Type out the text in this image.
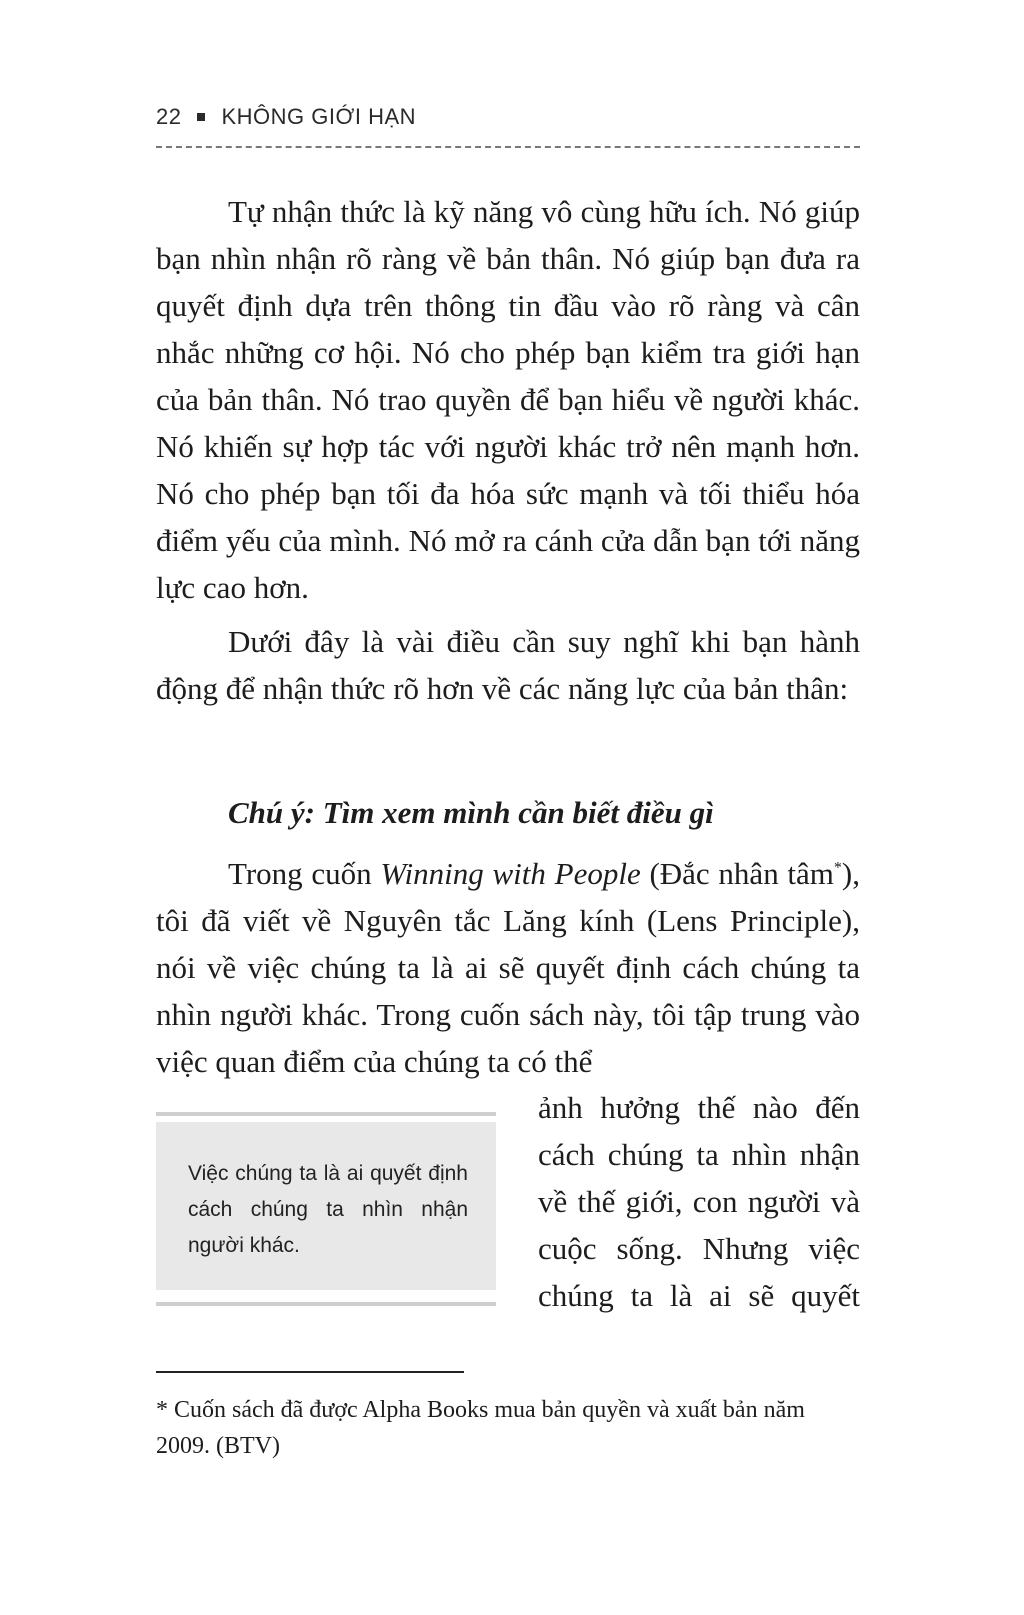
22 KHÔNG GIỚI HẠN

Tự nhận thức là kỹ năng vô cùng hữu ích. Nó giúp bạn nhìn nhận rõ ràng về bản thân. Nó giúp bạn đưa ra quyết định dựa trên thông tin đầu vào rõ ràng và cân nhắc những cơ hội. Nó cho phép bạn kiểm tra giới hạn của bản thân. Nó trao quyền để bạn hiểu về người khác. Nó khiến sự hợp tác với người khác trở nên mạnh hơn. Nó cho phép bạn tối đa hóa sức mạnh và tối thiểu hóa điểm yếu của mình. Nó mở ra cánh cửa dẫn bạn tới năng lực cao hơn.

Dưới đây là vài điều cần suy nghĩ khi bạn hành động để nhận thức rõ hơn về các năng lực của bản thân:

Chú ý: Tìm xem mình cần biết điều gì

Trong cuốn Winning with People (Đắc nhân tâm*), tôi đã viết về Nguyên tắc Lăng kính (Lens Principle), nói về việc chúng ta là ai sẽ quyết định cách chúng ta nhìn người khác. Trong cuốn sách này, tôi tập trung vào việc quan điểm của chúng ta có thể

Việc chúng ta là ai quyết định cách chúng ta nhìn nhận người khác.
ảnh hưởng thế nào đến
cách chúng ta nhìn nhận
về thế giới, con người và
cuộc sống. Nhưng việc
chúng ta là ai sẽ quyết
* Cuốn sách đã được Alpha Books mua bản quyền và xuất bản năm 2009. (BTV)
